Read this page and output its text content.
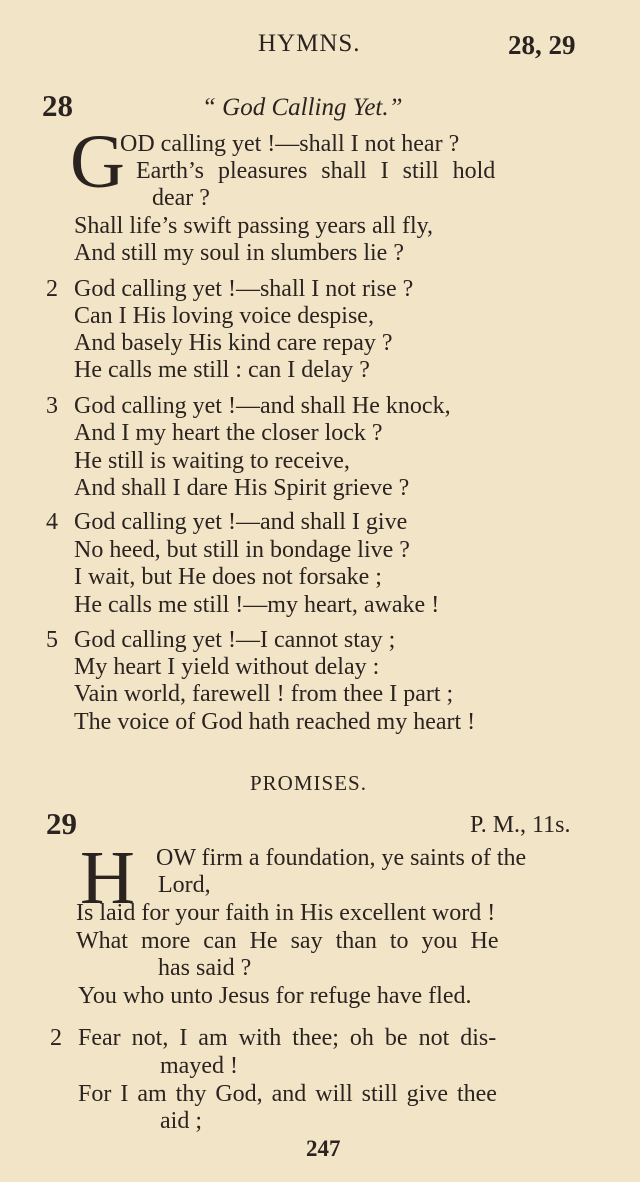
HYMNS.	28, 29
28	“ God Calling Yet.”
G
OD calling yet !—shall I not hear ?
Earth’s pleasures shall I still hold
dear ?
Shall life’s swift passing years all fly,
And still my soul in slumbers lie ?
2 God calling yet !—shall I not rise ?
Can I His loving voice despise,
And basely His kind care repay ?
He calls me still : can I delay ?
3 God calling yet !—and shall He knock,
And I my heart the closer lock ?
He still is waiting to receive,
And shall I dare His Spirit grieve ?
4 God calling yet !—and shall I give
No heed, but still in bondage live ?
I wait, but He does not forsake ;
He calls me still !—my heart, awake !
5 God calling yet !—I cannot stay ;
My heart I yield without delay :
Vain world, farewell ! from thee I part ;
The voice of God hath reached my heart !
PROMISES.
29	P. M., 11s.
H OW firm a foundation, ye saints of the
Lord,
Is laid for your faith in His excellent word !
What more can He say than to you He
has said ?
You who unto Jesus for refuge have fled.
2 Fear not, I am with thee; oh be not dis-
mayed !
For I am thy God, and will still give thee
aid ;
247
